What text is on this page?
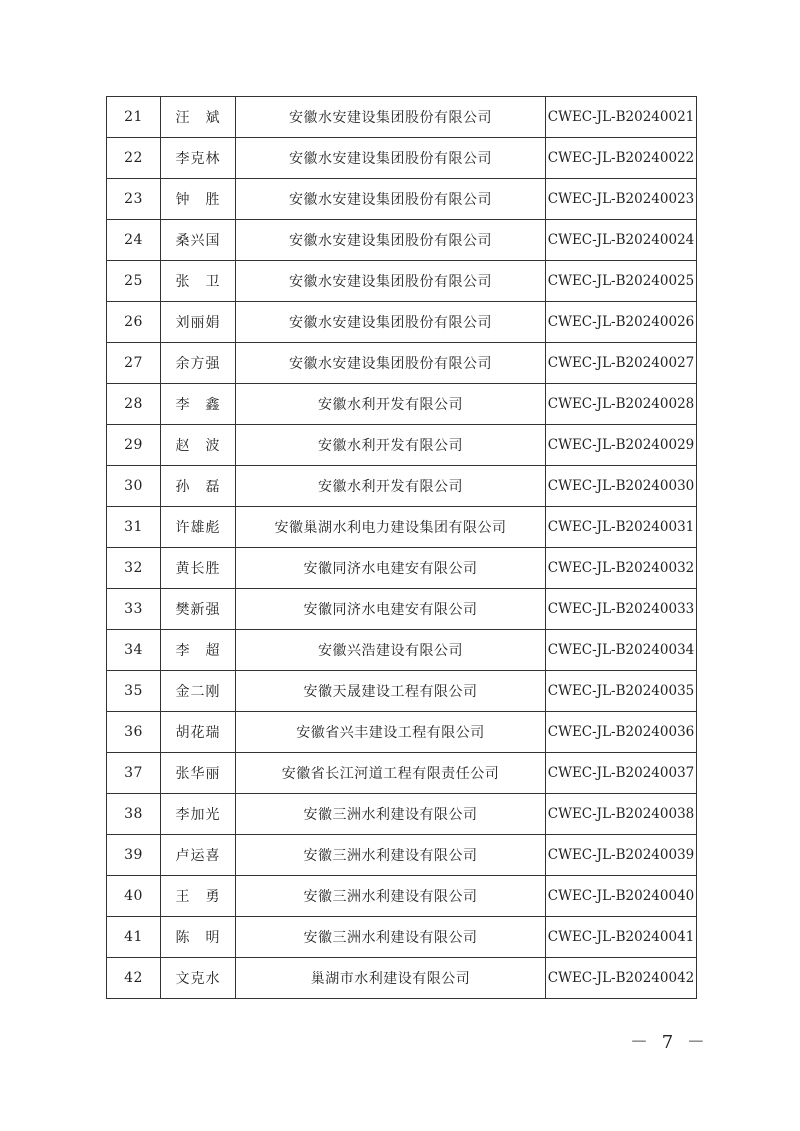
21	汪　斌	安徽水安建设集团股份有限公司	CWEC-JL-B20240021
22	李克林	安徽水安建设集团股份有限公司	CWEC-JL-B20240022
23	钟　胜	安徽水安建设集团股份有限公司	CWEC-JL-B20240023
24	桑兴国	安徽水安建设集团股份有限公司	CWEC-JL-B20240024
25	张　卫	安徽水安建设集团股份有限公司	CWEC-JL-B20240025
26	刘丽娟	安徽水安建设集团股份有限公司	CWEC-JL-B20240026
27	余方强	安徽水安建设集团股份有限公司	CWEC-JL-B20240027
28	李　鑫	安徽水利开发有限公司	CWEC-JL-B20240028
29	赵　波	安徽水利开发有限公司	CWEC-JL-B20240029
30	孙　磊	安徽水利开发有限公司	CWEC-JL-B20240030
31	许雄彪	安徽巢湖水利电力建设集团有限公司	CWEC-JL-B20240031
32	黄长胜	安徽同济水电建安有限公司	CWEC-JL-B20240032
33	樊新强	安徽同济水电建安有限公司	CWEC-JL-B20240033
34	李　超	安徽兴浩建设有限公司	CWEC-JL-B20240034
35	金二刚	安徽天晟建设工程有限公司	CWEC-JL-B20240035
36	胡花瑞	安徽省兴丰建设工程有限公司	CWEC-JL-B20240036
37	张华丽	安徽省长江河道工程有限责任公司	CWEC-JL-B20240037
38	李加光	安徽三洲水利建设有限公司	CWEC-JL-B20240038
39	卢运喜	安徽三洲水利建设有限公司	CWEC-JL-B20240039
40	王　勇	安徽三洲水利建设有限公司	CWEC-JL-B20240040
41	陈　明	安徽三洲水利建设有限公司	CWEC-JL-B20240041
42	文克水	巢湖市水利建设有限公司	CWEC-JL-B20240042
－ 7 －
